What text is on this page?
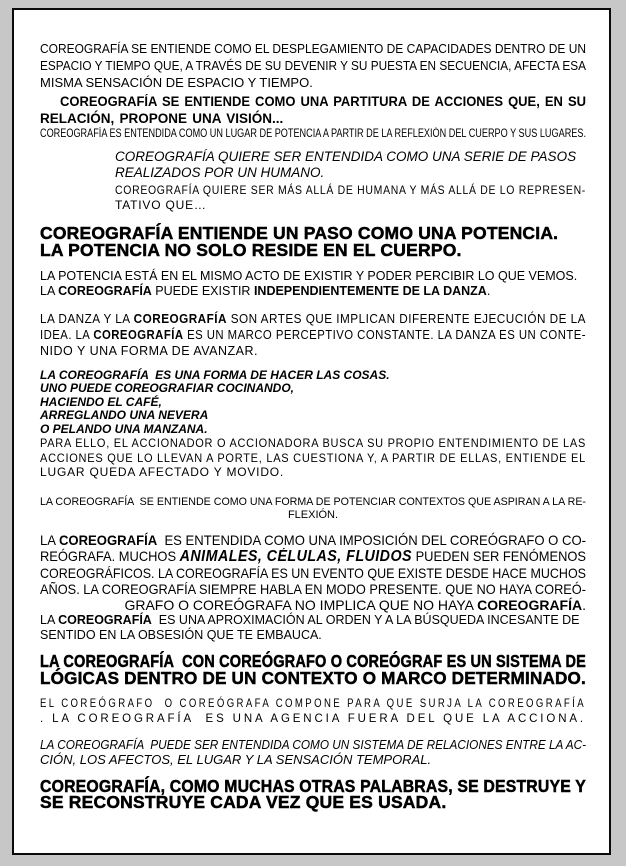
COREOGRAFÍA SE ENTIENDE COMO EL DESPLEGAMIENTO DE CAPACIDADES DENTRO DE UN
ESPACIO Y TIEMPO QUE, A TRAVÉS DE SU DEVENIR Y SU PUESTA EN SECUENCIA, AFECTA ESA
MISMA SENSACIÓN DE ESPACIO Y TIEMPO.
COREOGRAFÍA SE ENTIENDE COMO UNA PARTITURA DE ACCIONES QUE, EN SU
RELACIÓN, PROPONE UNA VISIÓN...
COREOGRAFÍA ES ENTENDIDA COMO UN LUGAR DE POTENCIA A PARTIR DE LA REFLEXIÓN DEL CUERPO Y SUS LUGARES.
COREOGRAFÍA QUIERE SER ENTENDIDA COMO UNA SERIE DE PASOS
REALIZADOS POR UN HUMANO.
COREOGRAFÍA QUIERE SER MÁS ALLÁ DE HUMANA Y MÁS ALLÁ DE LO REPRESEN-
TATIVO QUE…
COREOGRAFÍA ENTIENDE UN PASO COMO UNA POTENCIA.
LA POTENCIA NO SOLO RESIDE EN EL CUERPO.
LA POTENCIA ESTÁ EN EL MISMO ACTO DE EXISTIR Y PODER PERCIBIR LO QUE VEMOS.
LA COREOGRAFÍA PUEDE EXISTIR INDEPENDIENTEMENTE DE LA DANZA.
LA DANZA Y LA COREOGRAFÍA SON ARTES QUE IMPLICAN DIFERENTE EJECUCIÓN DE LA
IDEA. LA COREOGRAFÍA ES UN MARCO PERCEPTIVO CONSTANTE. LA DANZA ES UN CONTE-
NIDO Y UNA FORMA DE AVANZAR.
LA COREOGRAFÍA  ES UNA FORMA DE HACER LAS COSAS.
UNO PUEDE COREOGRAFIAR COCINANDO,
HACIENDO EL CAFÉ,
ARREGLANDO UNA NEVERA
O PELANDO UNA MANZANA.
PARA ELLO, EL ACCIONADOR O ACCIONADORA BUSCA SU PROPIO ENTENDIMIENTO DE LAS
ACCIONES QUE LO LLEVAN A PORTE, LAS CUESTIONA Y, A PARTIR DE ELLAS, ENTIENDE EL
LUGAR QUEDA AFECTADO Y MOVIDO.
LA COREOGRAFÍA  SE ENTIENDE COMO UNA FORMA DE POTENCIAR CONTEXTOS QUE ASPIRAN A LA RE-
FLEXIÓN.
LA COREOGRAFÍA  ES ENTENDIDA COMO UNA IMPOSICIÓN DEL COREÓGRAFO O CO-
REÓGRAFA. MUCHOS ANIMALES, CÉLULAS, FLUIDOS PUEDEN SER FENÓMENOS
COREOGRÁFICOS. LA COREOGRAFÍA ES UN EVENTO QUE EXISTE DESDE HACE MUCHOS
AÑOS. LA COREOGRAFÍA SIEMPRE HABLA EN MODO PRESENTE. QUE NO HAYA COREÓ-
GRAFO O COREÓGRAFA NO IMPLICA QUE NO HAYA COREOGRAFÍA.
LA COREOGRAFÍA  ES UNA APROXIMACIÓN AL ORDEN Y A LA BÚSQUEDA INCESANTE DE
SENTIDO EN LA OBSESIÓN QUE TE EMBAUCA.
LA COREOGRAFÍA  CON COREÓGRAFO O COREÓGRAF ES UN SISTEMA DE
LÓGICAS DENTRO DE UN CONTEXTO O MARCO DETERMINADO.
EL COREÓGRAFO  O COREÓGRAFA COMPONE PARA QUE SURJA LA COREOGRAFÍA
. LA COREOGRAFÍA  ES UNA AGENCIA FUERA DEL QUE LA ACCIONA.
LA COREOGRAFÍA  PUEDE SER ENTENDIDA COMO UN SISTEMA DE RELACIONES ENTRE LA AC-
CIÓN, LOS AFECTOS, EL LUGAR Y LA SENSACIÓN TEMPORAL.
COREOGRAFÍA, COMO MUCHAS OTRAS PALABRAS, SE DESTRUYE Y
SE RECONSTRUYE CADA VEZ QUE ES USADA.
